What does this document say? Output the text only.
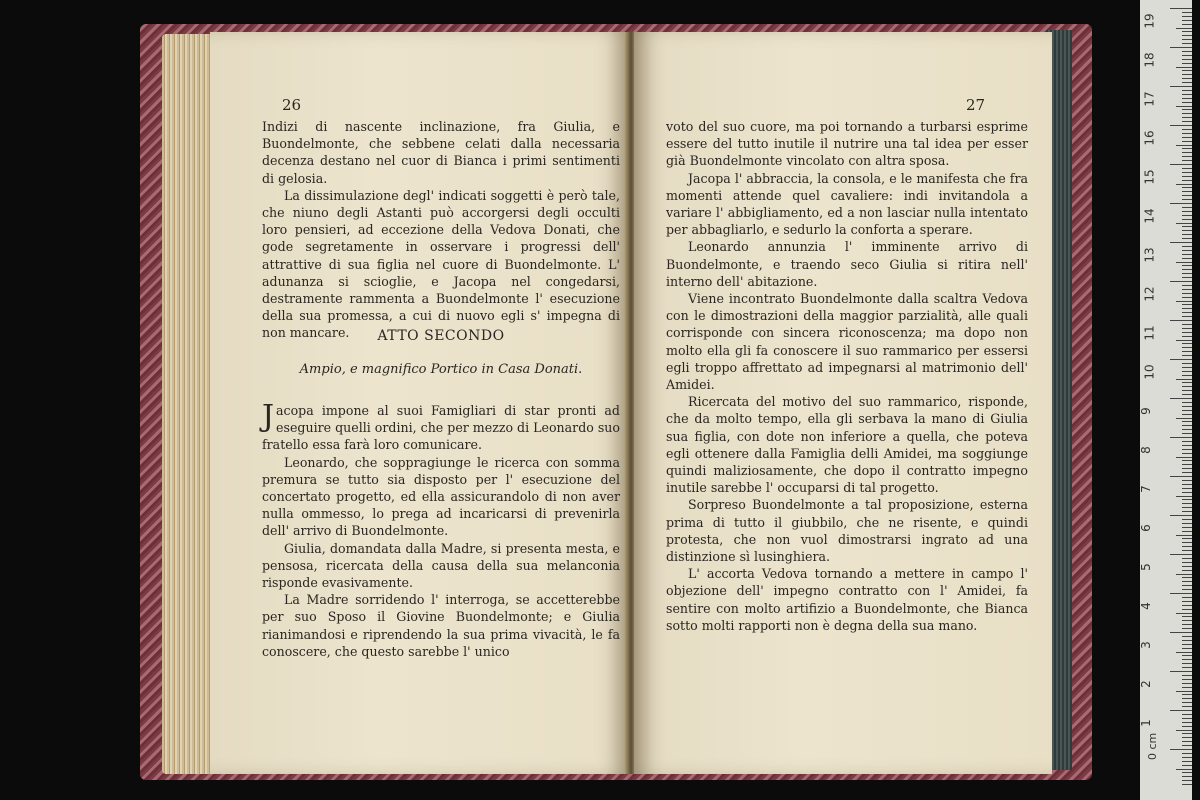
26

Indizi di nascente inclinazione, fra Giulia, e Buondelmonte, che sebbene celati dalla necessaria decenza destano nel cuor di Bianca i primi sentimenti di gelosia.

La dissimulazione degl' indicati soggetti è però tale, che niuno degli Astanti può accorgersi degli occulti loro pensieri, ad eccezione della Vedova Donati, che gode segretamente in osservare i progressi dell' attrattive di sua figlia nel cuore di Buondelmonte. L' adunanza si scioglie, e Jacopa nel congedarsi, destramente rammenta a Buondelmonte l' esecuzione della sua promessa, a cui di nuovo egli s' impegna di non mancare.	ATTO SECONDO
Ampio, e magnifico Portico in Casa Donati.

Jacopa impone al suoi Famigliari di star pronti ad eseguire quelli ordini, che per mezzo di Leonardo suo fratello essa farà loro comunicare.

Leonardo, che soppragiunge le ricerca con somma premura se tutto sia disposto per l' esecuzione del concertato progetto, ed ella assicurandolo di non aver nulla ommesso, lo prega ad incaricarsi di prevenirla dell' arrivo di Buondelmonte.

Giulia, domandata dalla Madre, si presenta mesta, e pensosa, ricercata della causa della sua melanconia risponde evasivamente.

La Madre sorridendo l' interroga, se accetterebbe per suo Sposo il Giovine Buondelmonte; e Giulia rianimandosi e riprendendo la sua prima vivacità, le fa conoscere, che questo sarebbe l' unico

27

voto del suo cuore, ma poi tornando a turbarsi esprime essere del tutto inutile il nutrire una tal idea per esser già Buondelmonte vincolato con altra sposa.

Jacopa l' abbraccia, la consola, e le manifesta che fra momenti attende quel cavaliere: indi invitandola a variare l' abbigliamento, ed a non lasciar nulla intentato per abbagliarlo, e sedurlo la conforta a sperare.

Leonardo annunzia l' imminente arrivo di Buondelmonte, e traendo seco Giulia si ritira nell' interno dell' abitazione.

Viene incontrato Buondelmonte dalla scaltra Vedova con le dimostrazioni della maggior parzialità, alle quali corrisponde con sincera riconoscenza; ma dopo non molto ella gli fa conoscere il suo rammarico per essersi egli troppo affrettato ad impegnarsi al matrimonio dell' Amidei.

Ricercata del motivo del suo rammarico, risponde, che da molto tempo, ella gli serbava la mano di Giulia sua figlia, con dote non inferiore a quella, che poteva egli ottenere dalla Famiglia delli Amidei, ma soggiunge quindi maliziosamente, che dopo il contratto impegno inutile sarebbe l' occuparsi di tal progetto.

Sorpreso Buondelmonte a tal proposizione, esterna prima di tutto il giubbilo, che ne risente, e quindi protesta, che non vuol dimostrarsi ingrato ad una distinzione sì lusinghiera.

L' accorta Vedova tornando a mettere in campo l' objezione dell' impegno contratto con l' Amidei, fa sentire con molto artifizio a Buondelmonte, che Bianca sotto molti rapporti non è degna della sua mano.

19
18
17
16
15
14
13
12
11
10
9
8
7
6
5
4
3
2
1
0 cm
